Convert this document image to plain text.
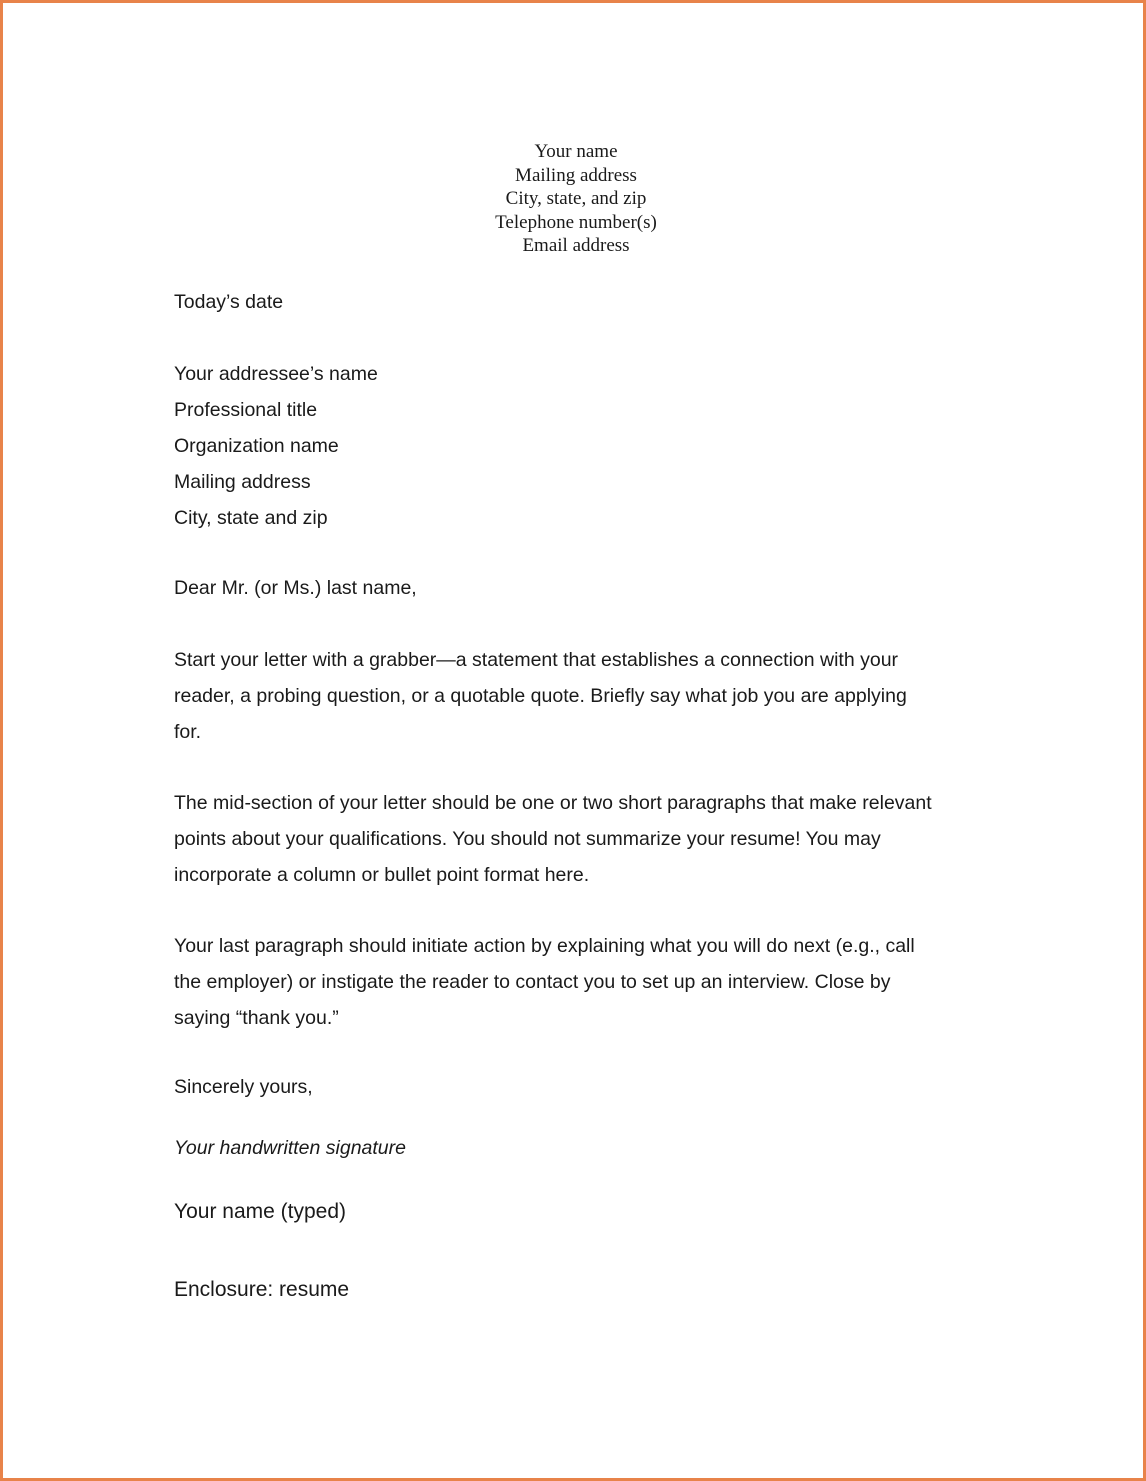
Your name
Mailing address
City, state, and zip
Telephone number(s)
Email address
Today’s date
Your addressee’s name
Professional title
Organization name
Mailing address
City, state and zip
Dear Mr. (or Ms.) last name,
Start your letter with a grabber—a statement that establishes a connection with your
reader, a probing question, or a quotable quote. Briefly say what job you are applying
for.
The mid-section of your letter should be one or two short paragraphs that make relevant
points about your qualifications. You should not summarize your resume! You may
incorporate a column or bullet point format here.
Your last paragraph should initiate action by explaining what you will do next (e.g., call
the employer) or instigate the reader to contact you to set up an interview. Close by
saying “thank you.”
Sincerely yours,
Your handwritten signature
Your name (typed)
Enclosure: resume
